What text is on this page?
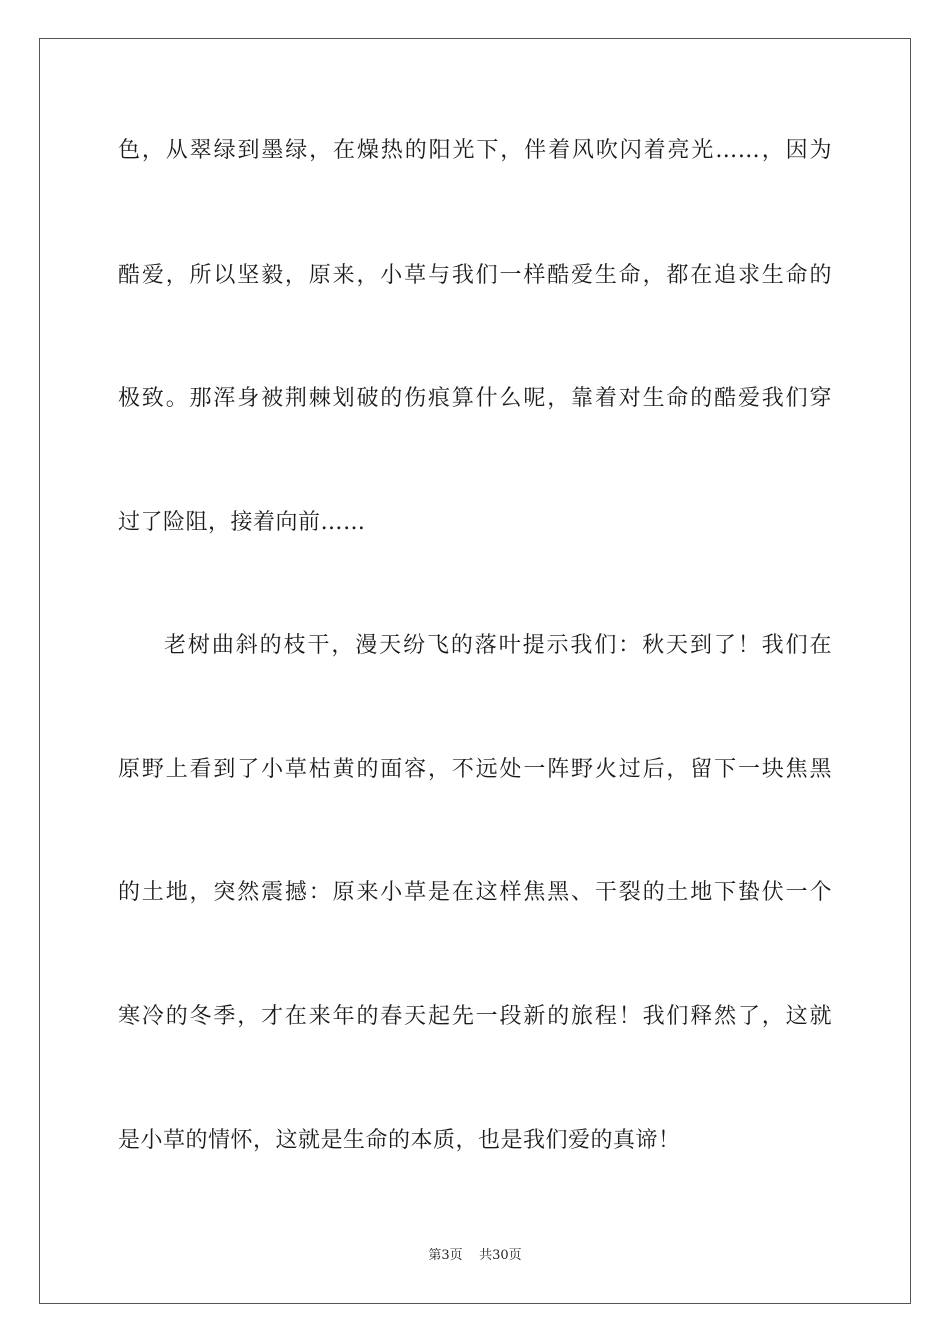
色，从翠绿到墨绿，在燥热的阳光下，伴着风吹闪着亮光……，因为
酷爱，所以坚毅，原来，小草与我们一样酷爱生命，都在追求生命的
极致。那浑身被荆棘划破的伤痕算什么呢，靠着对生命的酷爱我们穿
过了险阻，接着向前……
老树曲斜的枝干，漫天纷飞的落叶提示我们：秋天到了！我们在
原野上看到了小草枯黄的面容，不远处一阵野火过后，留下一块焦黑
的土地，突然震撼：原来小草是在这样焦黑、干裂的土地下蛰伏一个
寒冷的冬季，才在来年的春天起先一段新的旅程！我们释然了，这就
是小草的情怀，这就是生命的本质，也是我们爱的真谛！
第3页 共30页
